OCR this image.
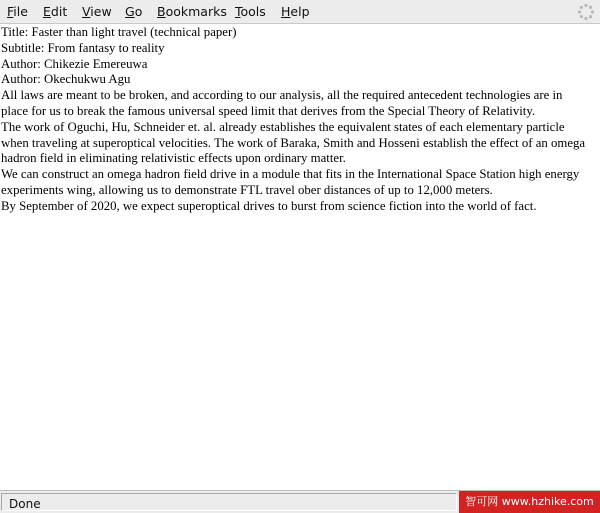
File Edit View Go Bookmarks Tools Help
Title: Faster than light travel (technical paper)
Subtitle: From fantasy to reality
Author: Chikezie Emereuwa
Author: Okechukwu Agu
All laws are meant to be broken, and according to our analysis, all the required antecedent technologies are in
place for us to break the famous universal speed limit that derives from the Special Theory of Relativity.
The work of Oguchi, Hu, Schneider et. al. already establishes the equivalent states of each elementary particle
when traveling at superoptical velocities. The work of Baraka, Smith and Hosseni establish the effect of an omega
hadron field in eliminating relativistic effects upon ordinary matter.
We can construct an omega hadron field drive in a module that fits in the International Space Station high energy
experiments wing, allowing us to demonstrate FTL travel ober distances of up to 12,000 meters.
By September of 2020, we expect superoptical drives to burst from science fiction into the world of fact.
Done	智可网 www.hzhike.com
